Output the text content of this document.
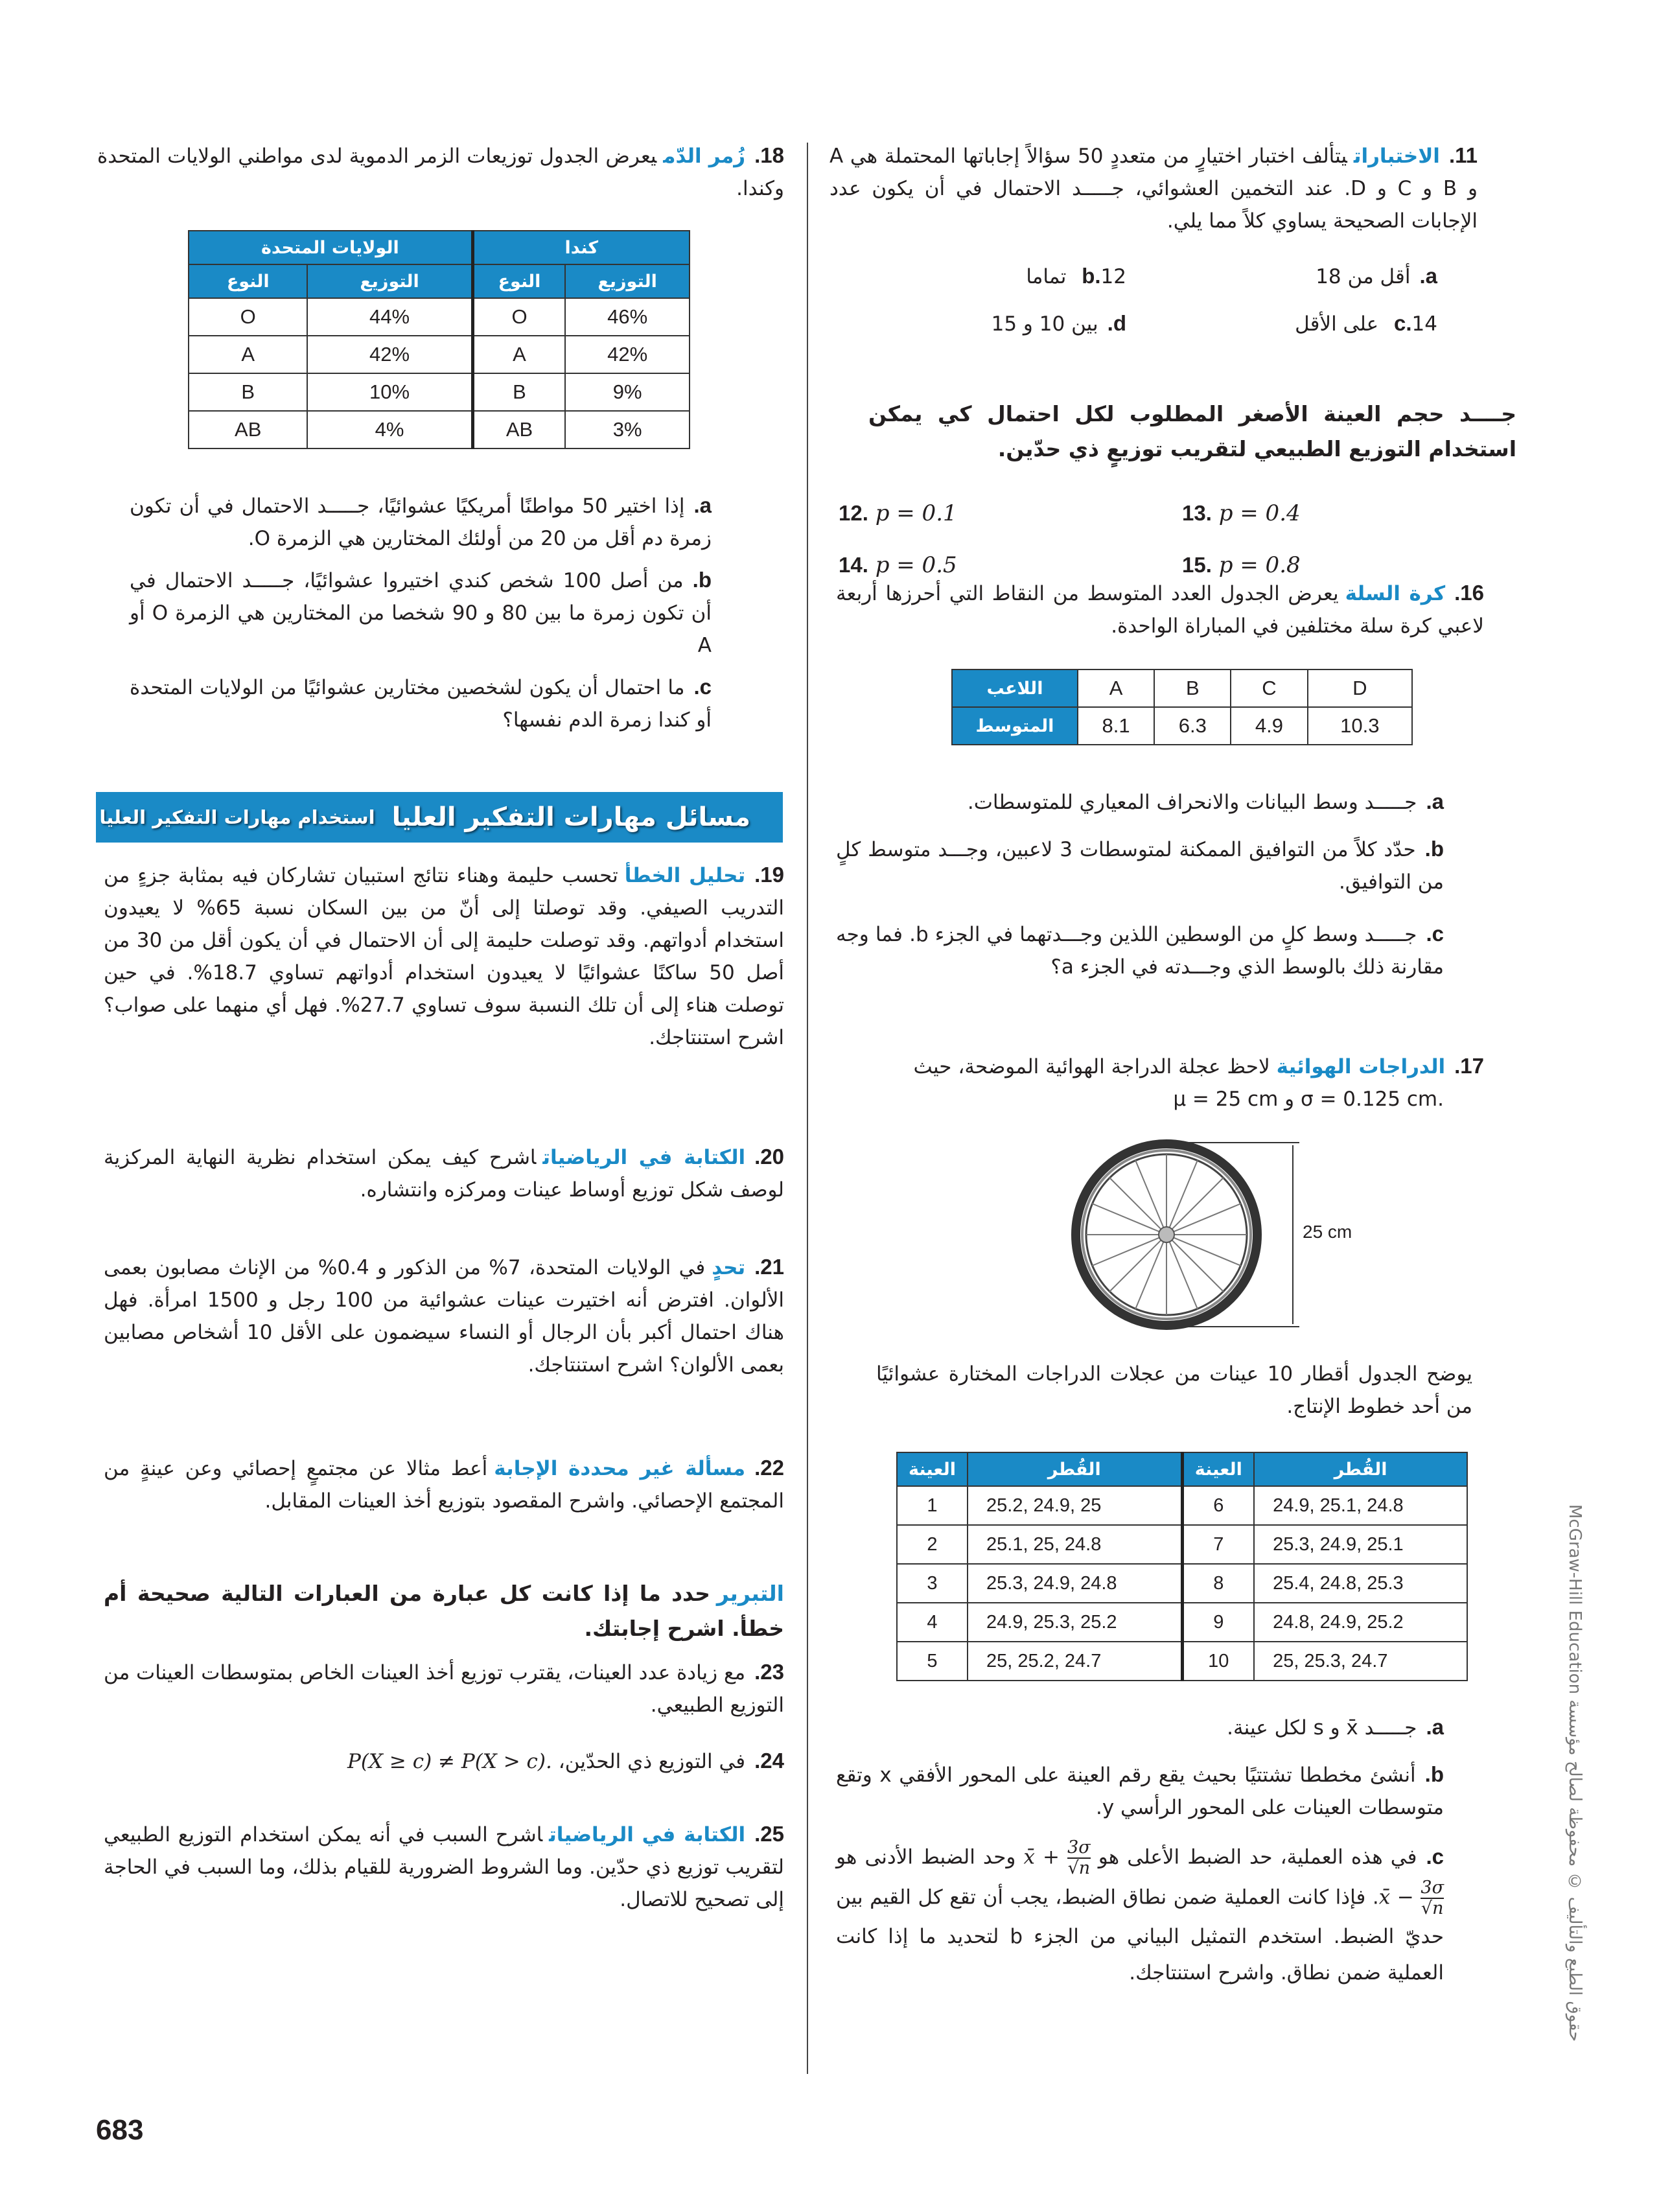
11.الاختباراتيتألف اختبار اختيارٍ من متعددٍ 50 سؤالاً إجاباتها المحتملة هي A و B و C و D. عند التخمين العشوائي، جـــــد الاحتمال في أن يكون عدد الإجابات الصحيحة يساوي كلاً مما يلي.
a.أقل من 18
b.12 تماما
c.14 على الأقل
d.بين 10 و 15
جــــد حجم العينة الأصغر المطلوب لكل احتمال كي يمكن استخدام التوزيع الطبيعي لتقريب توزيعٍ ذي حدّين.
12. p = 0.1	13. p = 0.4
14. p = 0.5	15. p = 0.8
16.كرة السلةيعرض الجدول العدد المتوسط من النقاط التي أحرزها أربعة لاعبي كرة سلة مختلفين في المباراة الواحدة.
اللاعب	A	B	C	D
المتوسط	8.1	6.3	4.9	10.3
a.جـــــد وسط البيانات والانحراف المعياري للمتوسطات.
b.حدّد كلاً من التوافيق الممكنة لمتوسطات 3 لاعبين، وجـــد متوسط كلٍ من التوافيق.
c.جـــــد وسط كلٍ من الوسطين اللذين وجـــدتهما في الجزء b. فما وجه مقارنة ذلك بالوسط الذي وجـــدته في الجزء a؟
17.الدراجات الهوائيةلاحظ عجلة الدراجة الهوائية الموضحة، حيث
.σ = 0.125 cm و μ = 25 cm
25 cm
يوضح الجدول أقطار 10 عينات من عجلات الدراجات المختارة عشوائيًا من أحد خطوط الإنتاج.
القُطر	العينة	القُطر	العينة
24.9, 25.1, 24.8	6	25.2, 24.9, 25	1
25.3, 24.9, 25.1	7	25.1, 25, 24.8	2
25.4, 24.8, 25.3	8	25.3, 24.9, 24.8	3
24.8, 24.9, 25.2	9	24.9, 25.3, 25.2	4
25, 25.3, 24.7	10	25, 25.2, 24.7	5
a.جـــــد x̄ و s لكل عينة.
b.أنشئ مخططا تشتتيًا بحيث يقع رقم العينة على المحور الأفقي x وتقع متوسطات العينات على المحور الرأسي y.
c.في هذه العملية، حد الضبط الأعلى هو
$\frac{3\sigma}{√n}$
x̄ + وحد الضبط الأدنى هو
$\frac{3\sigma}{√n}$
x̄ −. فإذا كانت العملية ضمن نطاق الضبط، يجب أن تقع كل القيم بين حديّ الضبط. استخدم التمثيل البياني من الجزء b لتحديد ما إذا كانت العملية ضمن نطاق. واشرح استنتاجك.
18.زُمر الدّميعرض الجدول توزيعات الزمر الدموية لدى مواطني الولايات المتحدة وكندا.
كندا		الولايات المتحدة	
التوزيع	النوع	التوزيع	النوع
46%	O	44%	O
42%	A	42%	A
9%	B	10%	B
3%	AB	4%	AB
a.إذا اختير 50 مواطنًا أمريكيًا عشوائيًا، جـــــد الاحتمال في أن تكون زمرة دم أقل من 20 من أولئك المختارين هي الزمرة O.
b.من أصل 100 شخص كندي اختيروا عشوائيًا، جـــــد الاحتمال في أن تكون زمرة ما بين 80 و 90 شخصا من المختارين هي الزمرة O أو A
c.ما احتمال أن يكون لشخصين مختارين عشوائيًا من الولايات المتحدة أو كندا زمرة الدم نفسها؟
مسائل مهارات التفكير العليا
استخدام مهارات التفكير العليا
19.تحليل الخطأتحسب حليمة وهناء نتائج استبيان تشاركان فيه بمثابة جزءٍ من التدريب الصيفي. وقد توصلتا إلى أنّ من بين السكان نسبة 65% لا يعيدون استخدام أدواتهم. وقد توصلت حليمة إلى أن الاحتمال في أن يكون أقل من 30 من أصل 50 ساكنًا عشوائيًا لا يعيدون استخدام أدواتهم تساوي 18.7%. في حين توصلت هناء إلى أن تلك النسبة سوف تساوي 27.7%. فهل أي منهما على صواب؟ اشرح استنتاجك.
20.الكتابة في الرياضياتاشرح كيف يمكن استخدام نظرية النهاية المركزية لوصف شكل توزيع أوساط عينات ومركزه وانتشاره.
21.تحدٍفي الولايات المتحدة، 7% من الذكور و 0.4% من الإناث مصابون بعمى الألوان. افترض أنه اختيرت عينات عشوائية من 100 رجل و 1500 امرأة. فهل هناك احتمال أكبر بأن الرجال أو النساء سيضمون على الأقل 10 أشخاص مصابين بعمى الألوان؟ اشرح استنتاجك.
22.مسألة غير محددة الإجابةأعط مثالا عن مجتمعٍ إحصائي وعن عينةٍ من المجتمع الإحصائي. واشرح المقصود بتوزيع أخذ العينات المقابل.
التبريرحدد ما إذا كانت كل عبارة من العبارات التالية صحيحة أم خطأ. اشرح إجابتك.
23.مع زيادة عدد العينات، يقترب توزيع أخذ العينات الخاص بمتوسطات العينات من التوزيع الطبيعي.
24.في التوزيع ذي الحدّين، P(X ≥ c) ≠ P(X > c).
25.الكتابة في الرياضياتاشرح السبب في أنه يمكن استخدام التوزيع الطبيعي لتقريب توزيع ذي حدّين. وما الشروط الضرورية للقيام بذلك، وما السبب في الحاجة إلى تصحيح للاتصال.
683
حقوق الطبع والتأليف © محفوظة لصالح مؤسسة McGraw-Hill Education
